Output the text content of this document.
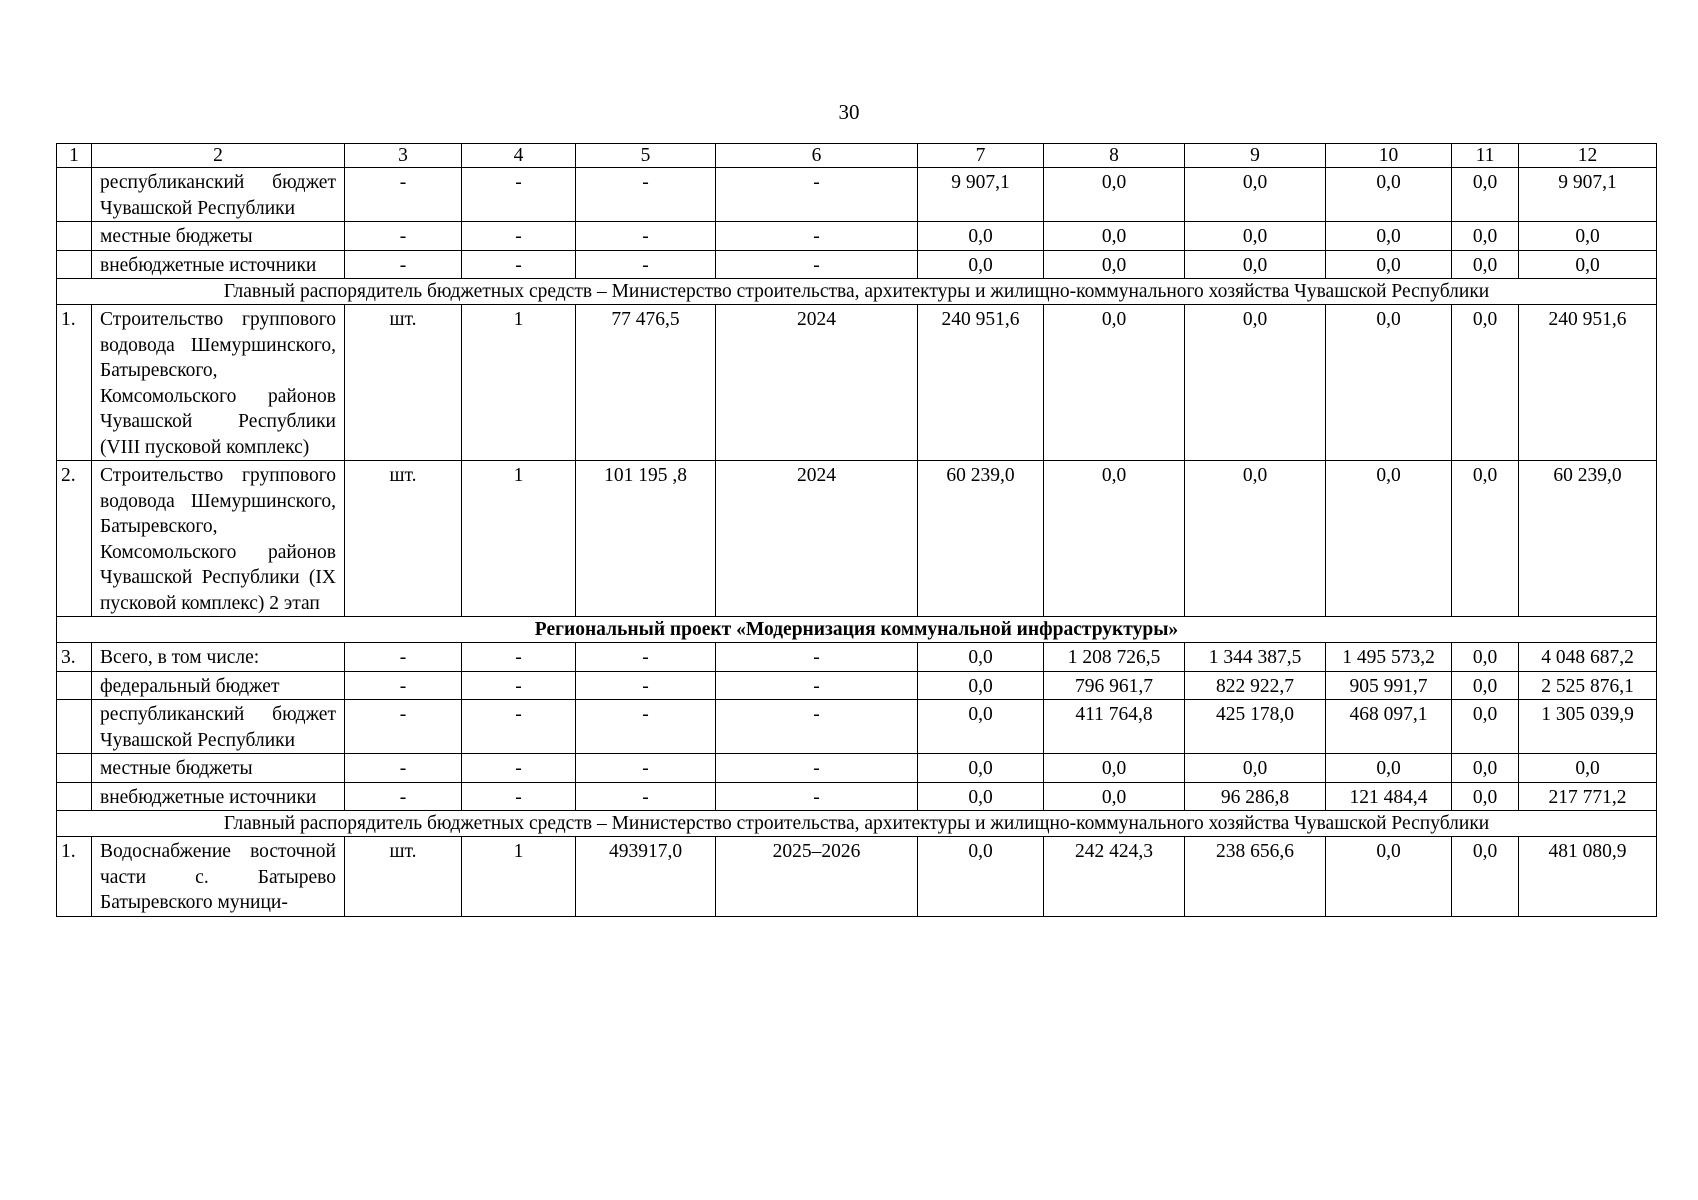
30
1	2	3	4	5	6	7	8	9	10	11	12
	республиканский бюджет Чувашской Республики	-	-	-	-	9 907,1	0,0	0,0	0,0	0,0	9 907,1
	местные бюджеты	-	-	-	-	0,0	0,0	0,0	0,0	0,0	0,0
	внебюджетные источники	-	-	-	-	0,0	0,0	0,0	0,0	0,0	0,0
Главный распорядитель бюджетных средств – Министерство строительства, архитектуры и жилищно-коммунального хозяйства Чувашской Республики											
1.	Строительство группового водовода Шемуршинского, Батыревского, Комсомольского районов Чувашской Республики (VIII пусковой комплекс)	шт.	1	77 476,5	2024	240 951,6	0,0	0,0	0,0	0,0	240 951,6
2.	Строительство группового водовода Шемуршинского, Батыревского, Комсомольского районов Чувашской Республики (IX пусковой комплекс) 2 этап	шт.	1	101 195 ,8	2024	60 239,0	0,0	0,0	0,0	0,0	60 239,0
Региональный проект «Модернизация коммунальной инфраструктуры»											
3.	Всего, в том числе:	-	-	-	-	0,0	1 208 726,5	1 344 387,5	1 495 573,2	0,0	4 048 687,2
	федеральный бюджет	-	-	-	-	0,0	796 961,7	822 922,7	905 991,7	0,0	2 525 876,1
	республиканский бюджет Чувашской Республики	-	-	-	-	0,0	411 764,8	425 178,0	468 097,1	0,0	1 305 039,9
	местные бюджеты	-	-	-	-	0,0	0,0	0,0	0,0	0,0	0,0
	внебюджетные источники	-	-	-	-	0,0	0,0	96 286,8	121 484,4	0,0	217 771,2
Главный распорядитель бюджетных средств – Министерство строительства, архитектуры и жилищно-коммунального хозяйства Чувашской Республики											
1.	Водоснабжение восточной части с. Батырево Батыревского муници-	шт.	1	493917,0	2025–2026	0,0	242 424,3	238 656,6	0,0	0,0	481 080,9
